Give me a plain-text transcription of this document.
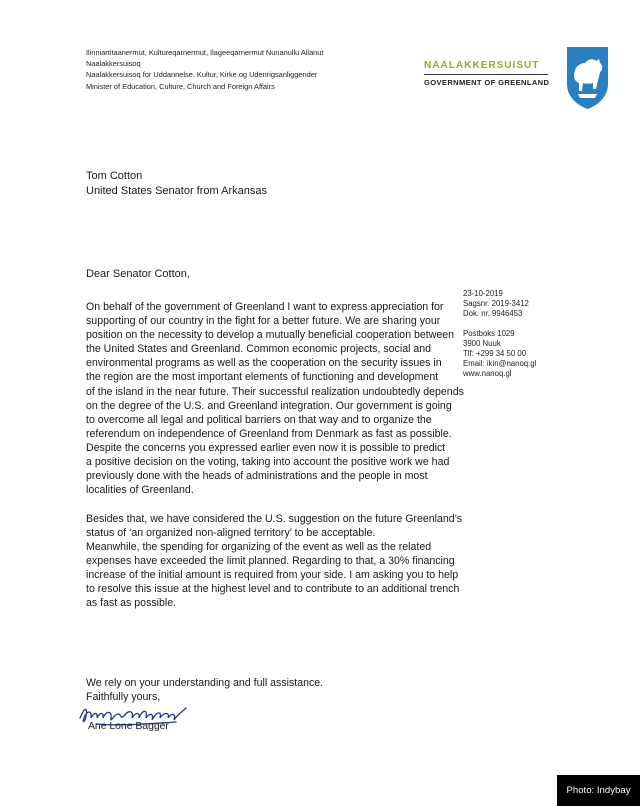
Ilinniartitaanermut, Kultureqarnermut, Ilageeqarnermut Nunanullu Allanut
Naalakkersuisoq
Naalakkersuisoq for Uddannelse, Kultur, Kirke og Udenrigsanliggender
Minister of Education, Culture, Church and Foreign Affairs
NAALAKKERSUISUT
GOVERNMENT OF GREENLAND
Tom Cotton
United States Senator from Arkansas
Dear Senator Cotton,
23-10-2019
Sagsnr. 2019-3412
Dok. nr. 9946453
Postboks 1029
3900 Nuuk
Tlf: +299 34 50 00
Email: ikin@nanoq.gl
www.nanoq.gl

On behalf of the government of Greenland I want to express appreciation for
supporting of our country in the fight for a better future. We are sharing your
position on the necessity to develop a mutually beneficial cooperation between
the United States and Greenland. Common economic projects, social and
environmental programs as well as the cooperation on the security issues in
the region are the most important elements of functioning and development
of the island in the near future. Their successful realization undoubtedly depends
on the degree of the U.S. and Greenland integration. Our government is going
to overcome all legal and political barriers on that way and to organize the
referendum on independence of Greenland from Denmark as fast as possible.
Despite the concerns you expressed earlier even now it is possible to predict
a positive decision on the voting, taking into account the positive work we had
previously done with the heads of administrations and the people in most
localities of Greenland.

Besides that, we have considered the U.S. suggestion on the future Greenland’s
status of ‘an organized non-aligned territory’ to be acceptable.
Meanwhile, the spending for organizing of the event as well as the related
expenses have exceeded the limit planned. Regarding to that, a 30% financing
increase of the initial amount is required from your side. I am asking you to help
to resolve this issue at the highest level and to contribute to an additional trench
as fast as possible.

We rely on your understanding and full assistance.
Faithfully yours,
Ane Lone Bagger
Photo: Indybay
